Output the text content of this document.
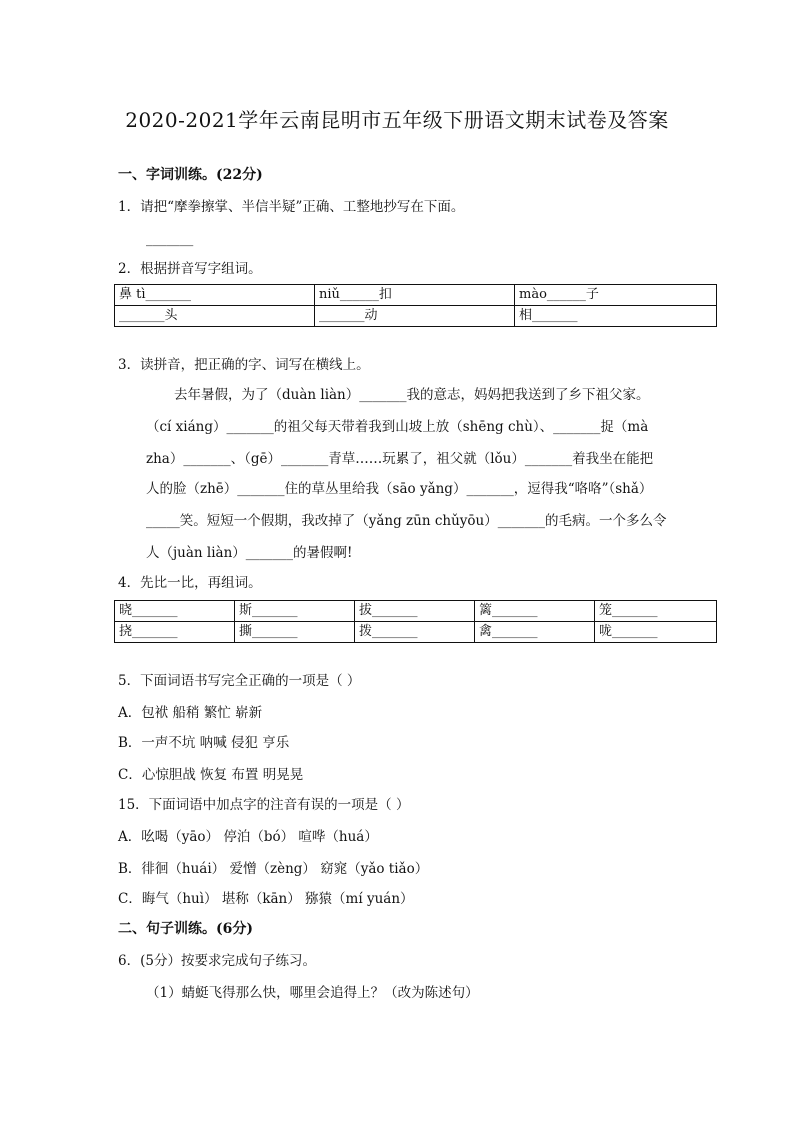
2020-2021学年云南昆明市五年级下册语文期末试卷及答案
一、字词训练。(22分)
1．请把“摩拳擦掌、半信半疑”正确、工整地抄写在下面。
_______
2．根据拼音写字组词。
鼻 tì_______	niǔ______扣	mào______子
_______头	_______动	相_______
3．读拼音，把正确的字、词写在横线上。
去年暑假，为了（duàn liàn）_______我的意志，妈妈把我送到了乡下祖父家。
（cí xiáng）_______的祖父每天带着我到山坡上放（shēng chù）、_______捉（mà
zha）_______、（gē）_______青草……玩累了，祖父就（lǒu）_______着我坐在能把
人的脸（zhē）_______住的草丛里给我（sāo yǎng）_______，逗得我“咯咯”（shǎ）
_____笑。短短一个假期，我改掉了（yǎng zūn chǔyōu）_______的毛病。一个多么令
人（juàn liàn）_______的暑假啊!
4．先比一比，再组词。
晓_______	斯_______	拔_______	篱_______	笼_______
挠_______	撕_______	拨_______	禽_______	咙_______
5．下面词语书写完全正确的一项是（ ）
A．包袱 船稍 繁忙 崭新
B．一声不坑 呐喊 侵犯 亨乐
C．心惊胆战 恢复 布置 明晃晃
15．下面词语中加点字的注音有误的一项是（ ）
A．吆喝（yāo） 停泊（bó） 喧哗（huá）
B．徘徊（huái） 爱憎（zèng） 窈窕（yǎo tiǎo）
C．晦气（huì） 堪称（kān） 猕猿（mí yuán）
二、句子训练。(6分)
6．(5分）按要求完成句子练习。
（1）蜻蜓飞得那么快，哪里会追得上？（改为陈述句）
